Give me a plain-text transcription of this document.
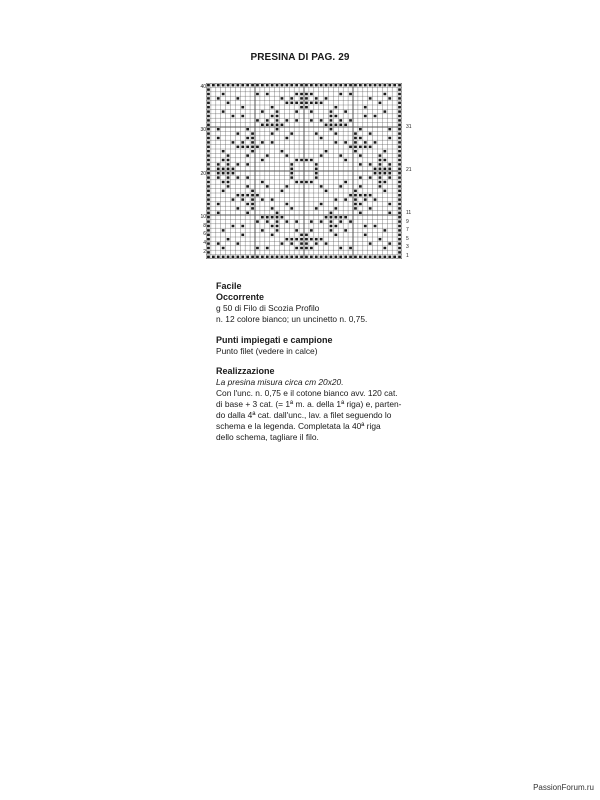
PRESINA DI PAG. 29
40
30
20
10
8
6
4
2
31
21
11
9
7
5
3
1
Facile
Occorrente
g 50 di Filo di Scozia Profilo
n. 12 colore bianco; un uncinetto n. 0,75.
Punti impiegati e campione
Punto filet (vedere in calce)
Realizzazione
La presina misura circa cm 20x20.
Con l'unc. n. 0,75 e il cotone bianco avv. 120 cat.
di base + 3 cat. (= 1ª m. a. della 1ª riga) e, parten-
do dalla 4ª cat. dall'unc., lav. a filet seguendo lo
schema e la legenda. Completata la 40ª riga
dello schema, tagliare il filo.
PassionForum.ru
